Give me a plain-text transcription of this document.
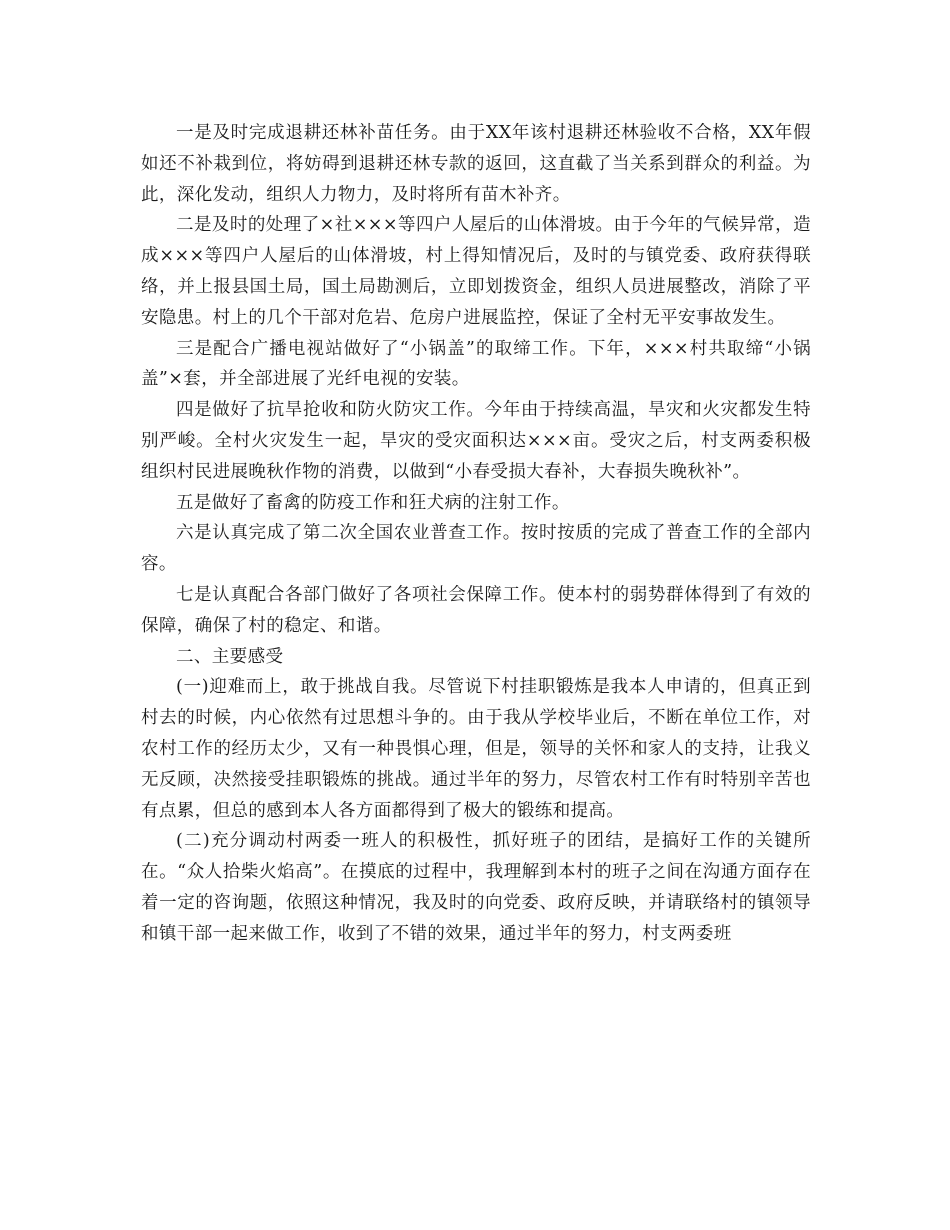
一是及时完成退耕还林补苗任务。由于XX年该村退耕还林验收不合格，XX年假如还不补栽到位，将妨碍到退耕还林专款的返回，这直截了当关系到群众的利益。为此，深化发动，组织人力物力，及时将所有苗木补齐。

二是及时的处理了×社×××等四户人屋后的山体滑坡。由于今年的气候异常，造成×××等四户人屋后的山体滑坡，村上得知情况后，及时的与镇党委、政府获得联络，并上报县国土局，国土局勘测后，立即划拨资金，组织人员进展整改，消除了平安隐患。村上的几个干部对危岩、危房户进展监控，保证了全村无平安事故发生。

三是配合广播电视站做好了“小锅盖”的取缔工作。下年，×××村共取缔“小锅盖”×套，并全部进展了光纤电视的安装。

四是做好了抗旱抢收和防火防灾工作。今年由于持续高温，旱灾和火灾都发生特别严峻。全村火灾发生一起，旱灾的受灾面积达×××亩。受灾之后，村支两委积极组织村民进展晚秋作物的消费，以做到“小春受损大春补，大春损失晚秋补”。

五是做好了畜禽的防疫工作和狂犬病的注射工作。

六是认真完成了第二次全国农业普查工作。按时按质的完成了普查工作的全部内容。

七是认真配合各部门做好了各项社会保障工作。使本村的弱势群体得到了有效的保障，确保了村的稳定、和谐。

二、主要感受

(一)迎难而上，敢于挑战自我。尽管说下村挂职锻炼是我本人申请的，但真正到村去的时候，内心依然有过思想斗争的。由于我从学校毕业后，不断在单位工作，对农村工作的经历太少，又有一种畏惧心理，但是，领导的关怀和家人的支持，让我义无反顾，决然接受挂职锻炼的挑战。通过半年的努力，尽管农村工作有时特别辛苦也有点累，但总的感到本人各方面都得到了极大的锻练和提高。

(二)充分调动村两委一班人的积极性，抓好班子的团结，是搞好工作的关键所在。“众人拾柴火焰高”。在摸底的过程中，我理解到本村的班子之间在沟通方面存在着一定的咨询题，依照这种情况，我及时的向党委、政府反映，并请联络村的镇领导和镇干部一起来做工作，收到了不错的效果，通过半年的努力，村支两委班
